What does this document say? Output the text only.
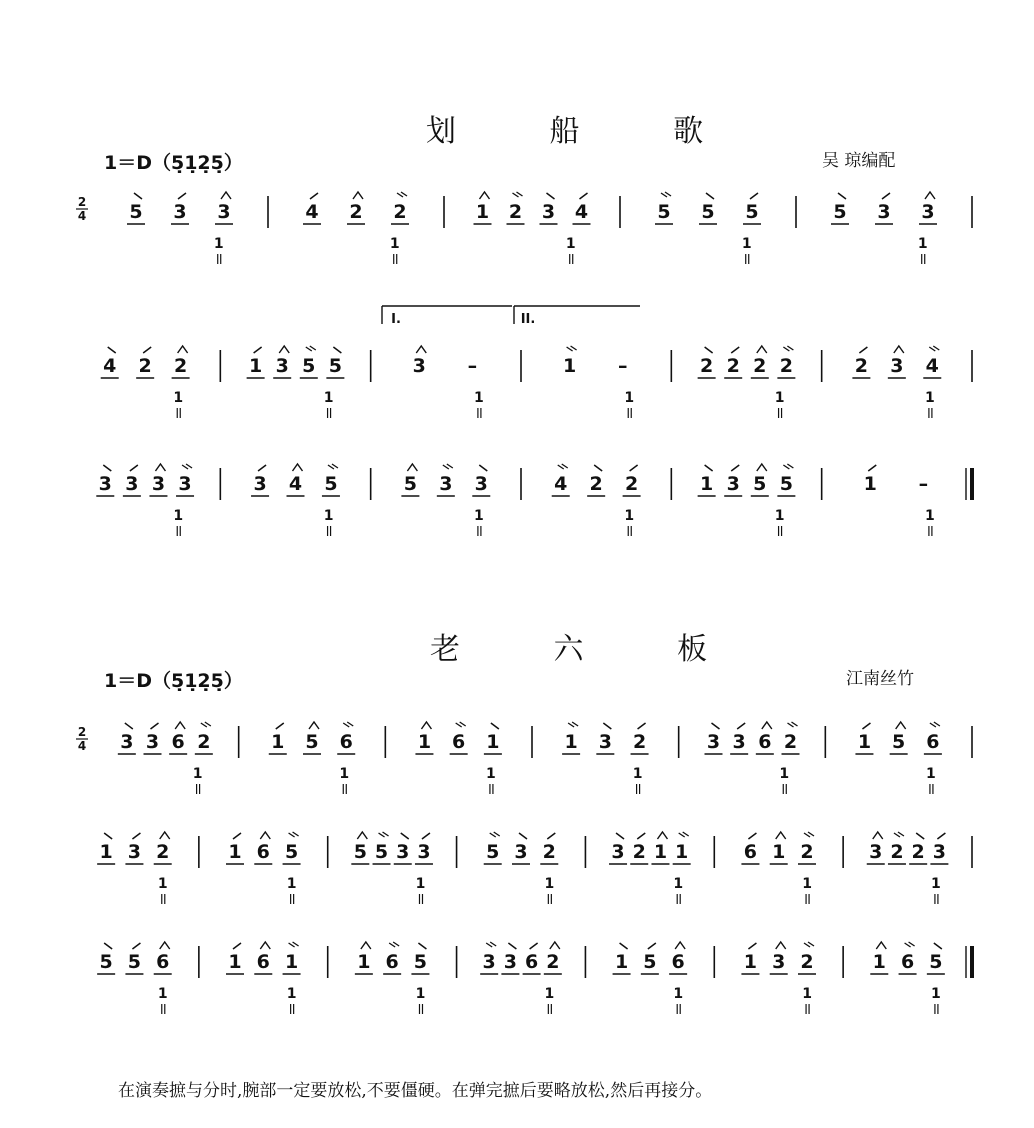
划 船 歌
1＝D（5̣1̣2̣5̣）	吴 琼编配
老 六 板
1＝D（5̣1̣2̣5̣）	江南丝竹
在演奏摭与分时,腕部一定要放松,不要僵硬。在弹完摭后要略放松,然后再接分。
2
4
2
4
5 3 3	4 2 2	1 2 3 4	5 5 5	5 3 3
1	1	1	1	1
4 2 2	1 3 5 5	3 –	1 –	2 2 2 2	2 3 4
1	1	1	1	1	1
3 3 3 3	3 4 5	5 3 3	4 2 2	1 3 5 5	1 –
1	1	1	1	1	1
I.	II.
3 3 6 2	1 5 6	1 6 1	1 3 2	3 3 6 2	1 5 6
1	1	1	1	1	1
1 3 2	1 6 5	5 5 3 3	5 3 2	3 2 1 1	6 1 2	3 2 2 3
1	1	1	1	1	1	1
5 5 6	1 6 1	1 6 5	3 3 6 2	1 5 6	1 3 2	1 6 5
1	1	1	1	1	1	1
